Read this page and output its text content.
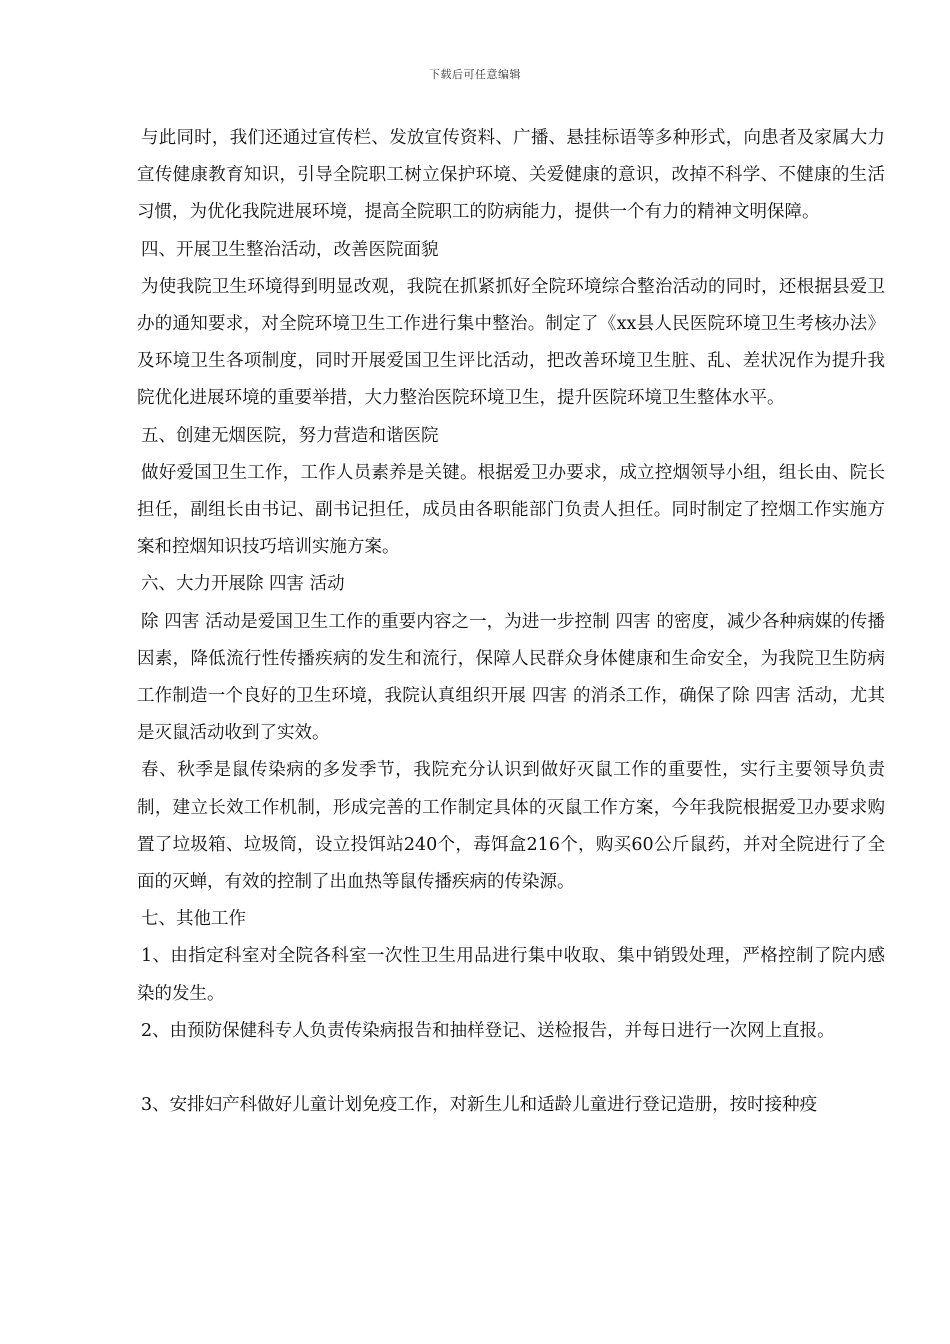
下载后可任意编辑

与此同时，我们还通过宣传栏、发放宣传资料、广播、悬挂标语等多种形式，向患者及家属大力宣传健康教育知识，引导全院职工树立保护环境、关爱健康的意识，改掉不科学、不健康的生活习惯，为优化我院进展环境，提高全院职工的防病能力，提供一个有力的精神文明保障。

四、开展卫生整治活动，改善医院面貌

为使我院卫生环境得到明显改观，我院在抓紧抓好全院环境综合整治活动的同时，还根据县爱卫办的通知要求，对全院环境卫生工作进行集中整治。制定了《xx县人民医院环境卫生考核办法》及环境卫生各项制度，同时开展爱国卫生评比活动，把改善环境卫生脏、乱、差状况作为提升我院优化进展环境的重要举措，大力整治医院环境卫生，提升医院环境卫生整体水平。

五、创建无烟医院，努力营造和谐医院

做好爱国卫生工作，工作人员素养是关键。根据爱卫办要求，成立控烟领导小组，组长由、院长担任，副组长由书记、副书记担任，成员由各职能部门负责人担任。同时制定了控烟工作实施方案和控烟知识技巧培训实施方案。

六、大力开展除 四害 活动

除 四害 活动是爱国卫生工作的重要内容之一，为进一步控制 四害 的密度，减少各种病媒的传播因素，降低流行性传播疾病的发生和流行，保障人民群众身体健康和生命安全，为我院卫生防病工作制造一个良好的卫生环境，我院认真组织开展 四害 的消杀工作，确保了除 四害 活动，尤其是灭鼠活动收到了实效。

春、秋季是鼠传染病的多发季节，我院充分认识到做好灭鼠工作的重要性，实行主要领导负责制，建立长效工作机制，形成完善的工作制定具体的灭鼠工作方案，今年我院根据爱卫办要求购置了垃圾箱、垃圾筒，设立投饵站240个，毒饵盒216个，购买60公斤鼠药，并对全院进行了全面的灭蝉，有效的控制了出血热等鼠传播疾病的传染源。

七、其他工作

1、由指定科室对全院各科室一次性卫生用品进行集中收取、集中销毁处理，严格控制了院内感染的发生。

2、由预防保健科专人负责传染病报告和抽样登记、送检报告，并每日进行一次网上直报。

3、安排妇产科做好儿童计划免疫工作，对新生儿和适龄儿童进行登记造册，按时接种疫
